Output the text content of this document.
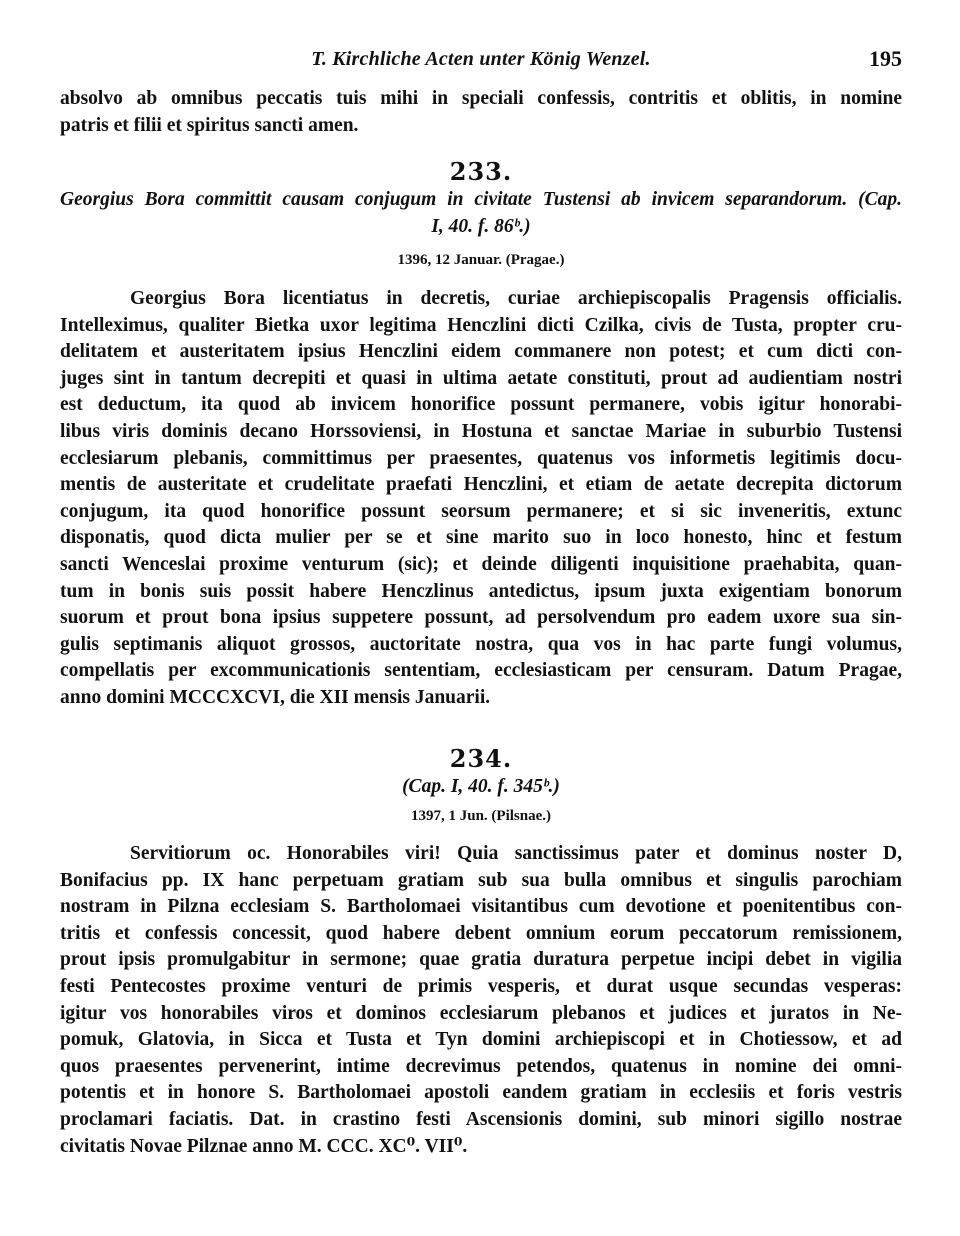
T. Kirchliche Acten unter König Wenzel.	195

absolvo ab omnibus peccatis tuis mihi in speciali confessis, contritis et oblitis, in nomine
patris et filii et spiritus sancti amen.

233.
Georgius Bora committit causam conjugum in civitate Tustensi ab invicem separandorum. (Cap.
I, 40. f. 86ᵇ.)
1396, 12 Januar. (Pragae.)

Georgius Bora licentiatus in decretis, curiae archiepiscopalis Pragensis officialis.
Intelleximus, qualiter Bietka uxor legitima Henczlini dicti Czilka, civis de Tusta, propter cru-
delitatem et austeritatem ipsius Henczlini eidem commanere non potest; et cum dicti con-
juges sint in tantum decrepiti et quasi in ultima aetate constituti, prout ad audientiam nostri
est deductum, ita quod ab invicem honorifice possunt permanere, vobis igitur honorabi-
libus viris dominis decano Horssoviensi, in Hostuna et sanctae Mariae in suburbio Tustensi
ecclesiarum plebanis, committimus per praesentes, quatenus vos informetis legitimis docu-
mentis de austeritate et crudelitate praefati Henczlini, et etiam de aetate decrepita dictorum
conjugum, ita quod honorifice possunt seorsum permanere; et si sic inveneritis, extunc
disponatis, quod dicta mulier per se et sine marito suo in loco honesto, hinc et festum
sancti Wenceslai proxime venturum (sic); et deinde diligenti inquisitione praehabita, quan-
tum in bonis suis possit habere Henczlinus antedictus, ipsum juxta exigentiam bonorum
suorum et prout bona ipsius suppetere possunt, ad persolvendum pro eadem uxore sua sin-
gulis septimanis aliquot grossos, auctoritate nostra, qua vos in hac parte fungi volumus,
compellatis per excommunicationis sententiam, ecclesiasticam per censuram. Datum Pragae,
anno domini MCCCXCVI, die XII mensis Januarii.

234.
(Cap. I, 40. f. 345ᵇ.)
1397, 1 Jun. (Pilsnae.)

Servitiorum oc. Honorabiles viri! Quia sanctissimus pater et dominus noster D,
Bonifacius pp. IX hanc perpetuam gratiam sub sua bulla omnibus et singulis parochiam
nostram in Pilzna ecclesiam S. Bartholomaei visitantibus cum devotione et poenitentibus con-
tritis et confessis concessit, quod habere debent omnium eorum peccatorum remissionem,
prout ipsis promulgabitur in sermone; quae gratia duratura perpetue incipi debet in vigilia
festi Pentecostes proxime venturi de primis vesperis, et durat usque secundas vesperas:
igitur vos honorabiles viros et dominos ecclesiarum plebanos et judices et juratos in Ne-
pomuk, Glatovia, in Sicca et Tusta et Tyn domini archiepiscopi et in Chotiessow, et ad
quos praesentes pervenerint, intime decrevimus petendos, quatenus in nomine dei omni-
potentis et in honore S. Bartholomaei apostoli eandem gratiam in ecclesiis et foris vestris
proclamari faciatis. Dat. in crastino festi Ascensionis domini, sub minori sigillo nostrae
civitatis Novae Pilznae anno M. CCC. XC⁰. VII⁰.
